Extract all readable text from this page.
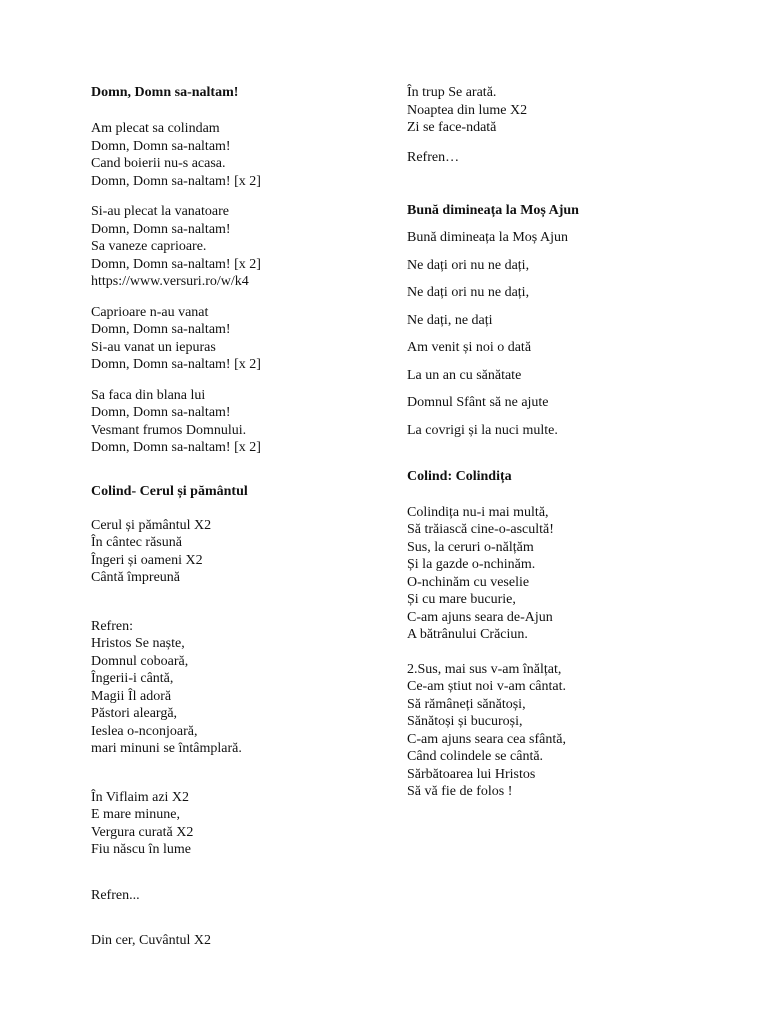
Domn, Domn sa-naltam!

Am plecat sa colindam
Domn, Domn sa-naltam!
Cand boierii nu-s acasa.
Domn, Domn sa-naltam! [x 2]
Si-au plecat la vanatoare
Domn, Domn sa-naltam!
Sa vaneze caprioare.
Domn, Domn sa-naltam! [x 2]
https://www.versuri.ro/w/k4
Caprioare n-au vanat
Domn, Domn sa-naltam!
Si-au vanat un iepuras
Domn, Domn sa-naltam! [x 2]
Sa faca din blana lui
Domn, Domn sa-naltam!
Vesmant frumos Domnului.
Domn, Domn sa-naltam! [x 2]

Colind- Cerul și pământul

Cerul și pământul X2
În cântec răsună
Îngeri și oameni X2
Cântă împreună
Refren:
Hristos Se naște,
Domnul coboară,
Îngerii-i cântă,
Magii Îl adoră
Păstori aleargă,
Ieslea o-nconjoară,
mari minuni se întâmplară.
În Viflaim azi X2
E mare minune,
Vergura curată X2
Fiu născu în lume
Refren...
Din cer, Cuvântul X2
În trup Se arată.
Noaptea din lume X2
Zi se face-ndată
Refren…

Bună dimineața la Moș Ajun

Bună dimineața la Moș Ajun

Ne dați ori nu ne dați,

Ne dați ori nu ne dați,

Ne dați, ne dați

Am venit și noi o dată

La un an cu sănătate

Domnul Sfânt să ne ajute

La covrigi și la nuci multe.

Colind: Colindița

Colindița nu-i mai multă,
Să trăiască cine-o-ascultă!
Sus, la ceruri o-nălțăm
Și la gazde o-nchinăm.
O-nchinăm cu veselie
Și cu mare bucurie,
C-am ajuns seara de-Ajun
A bătrânului Crăciun.
2.Sus, mai sus v-am înălțat,
Ce-am știut noi v-am cântat.
Să rămâneți sănătoși,
Sănătoși și bucuroși,
C-am ajuns seara cea sfântă,
Când colindele se cântă.
Sărbătoarea lui Hristos
Să vă fie de folos !
